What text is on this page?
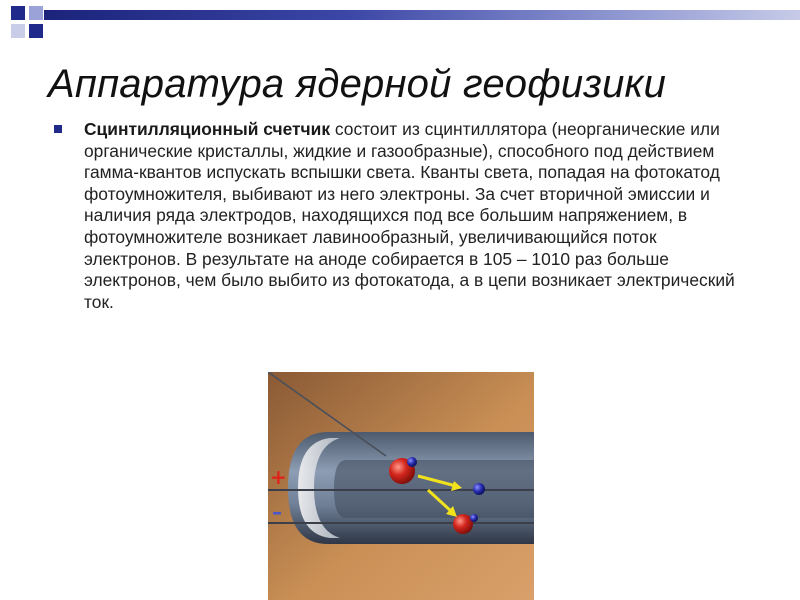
Аппаратура ядерной геофизики
Сцинтилляционный счетчик состоит из сцинтиллятора (неорганические или органические кристаллы, жидкие и газообразные), способного под действием гамма-квантов испускать вспышки света. Кванты света, попадая на фотокатод фотоумножителя, выбивают из него электроны. За счет вторичной эмиссии и наличия ряда электродов, находящихся под все большим напряжением, в фотоумножителе возникает лавинообразный, увеличивающийся поток электронов. В результате на аноде собирается в 105 – 1010 раз больше электронов, чем было выбито из фотокатода, а в цепи возникает электрический ток.
+
–
